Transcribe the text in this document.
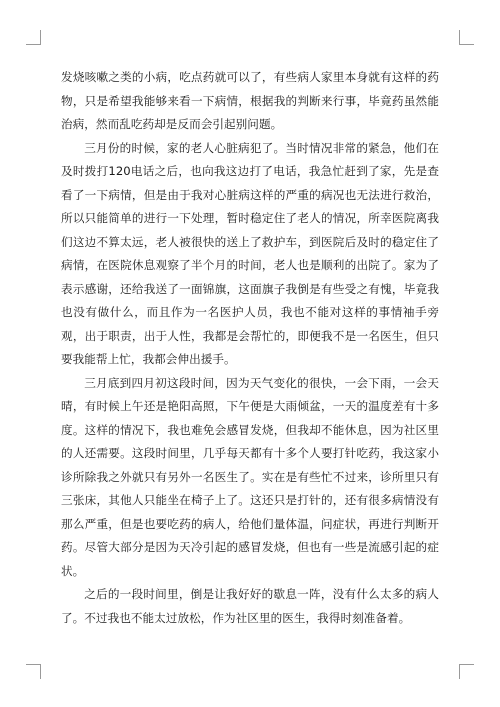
发烧咳嗽之类的小病，吃点药就可以了，有些病人家里本身就有这样的药物，只是希望我能够来看一下病情，根据我的判断来行事，毕竟药虽然能治病，然而乱吃药却是反而会引起别问题。

三月份的时候，家的老人心脏病犯了。当时情况非常的紧急，他们在及时拨打120电话之后，也向我这边打了电话，我急忙赶到了家，先是查看了一下病情，但是由于我对心脏病这样的严重的病况也无法进行救治，所以只能简单的进行一下处理，暂时稳定住了老人的情况，所幸医院离我们这边不算太远，老人被很快的送上了救护车，到医院后及时的稳定住了病情，在医院休息观察了半个月的时间，老人也是顺利的出院了。家为了表示感谢，还给我送了一面锦旗，这面旗子我倒是有些受之有愧，毕竟我也没有做什么，而且作为一名医护人员，我也不能对这样的事情袖手旁观，出于职责，出于人性，我都是会帮忙的，即便我不是一名医生，但只要我能帮上忙，我都会伸出援手。

三月底到四月初这段时间，因为天气变化的很快，一会下雨，一会天晴，有时候上午还是艳阳高照，下午便是大雨倾盆，一天的温度差有十多度。这样的情况下，我也难免会感冒发烧，但我却不能休息，因为社区里的人还需要。这段时间里，几乎每天都有十多个人要打针吃药，我这家小诊所除我之外就只有另外一名医生了。实在是有些忙不过来，诊所里只有三张床，其他人只能坐在椅子上了。这还只是打针的，还有很多病情没有那么严重，但是也要吃药的病人，给他们量体温，问症状，再进行判断开药。尽管大部分是因为天冷引起的感冒发烧，但也有一些是流感引起的症状。

之后的一段时间里，倒是让我好好的歇息一阵，没有什么太多的病人了。不过我也不能太过放松，作为社区里的医生，我得时刻准备着。
